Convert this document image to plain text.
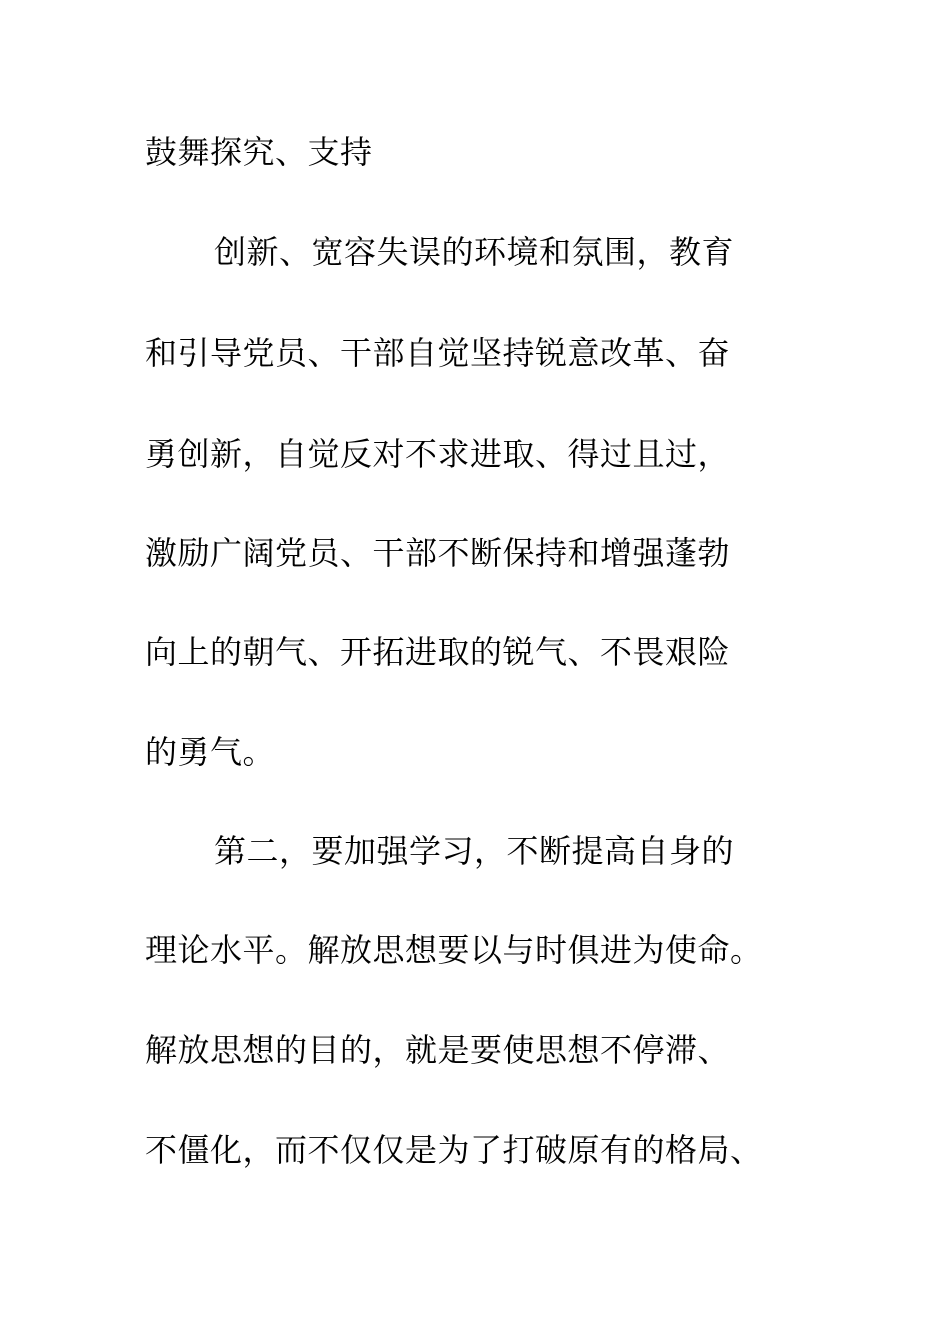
鼓舞探究、支持
创新、宽容失误的环境和氛围，教育
和引导党员、干部自觉坚持锐意改革、奋
勇创新，自觉反对不求进取、得过且过，
激励广阔党员、干部不断保持和增强蓬勃
向上的朝气、开拓进取的锐气、不畏艰险
的勇气。
第二，要加强学习，不断提高自身的
理论水平。解放思想要以与时俱进为使命。
解放思想的目的，就是要使思想不停滞、
不僵化，而不仅仅是为了打破原有的格局、
